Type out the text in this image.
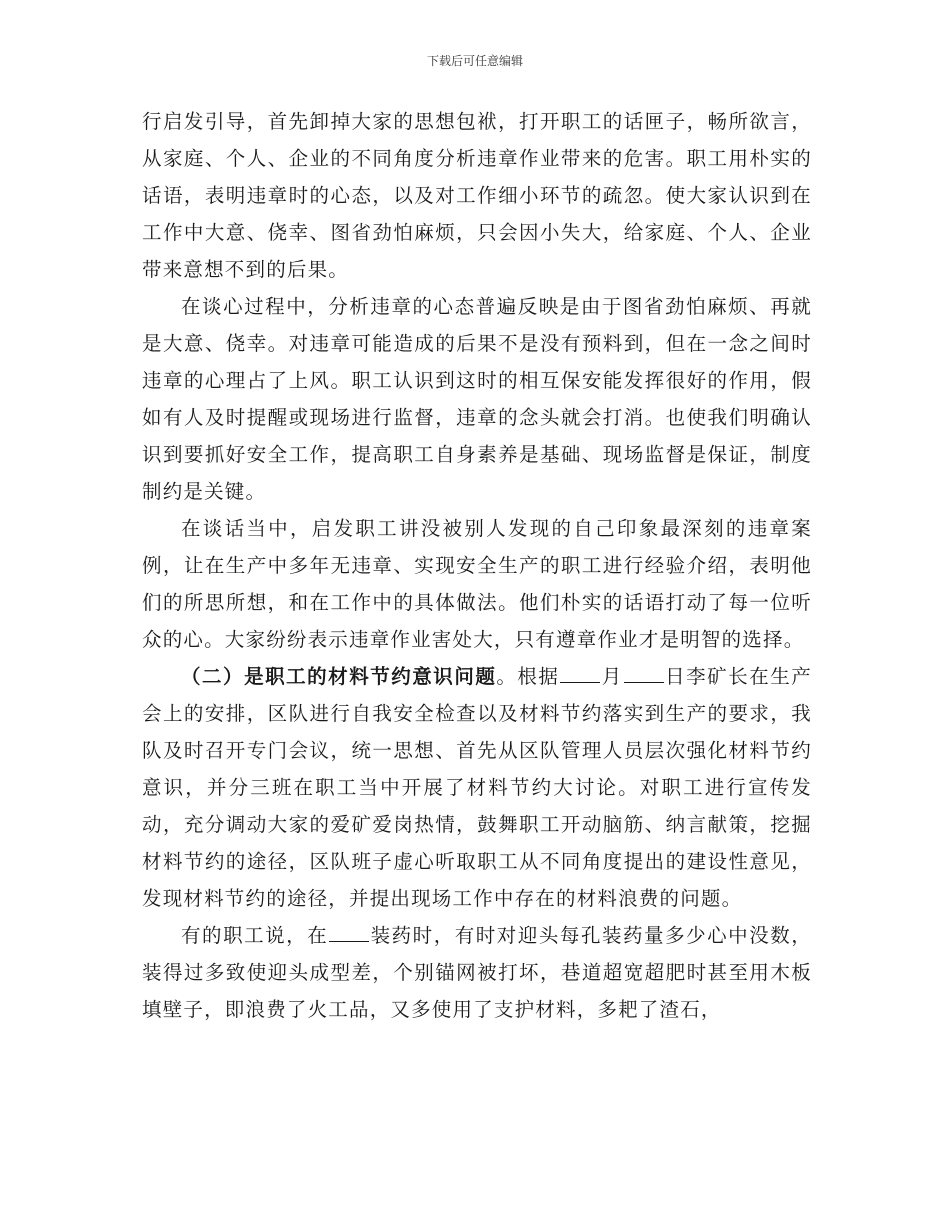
下载后可任意编辑

行启发引导，首先卸掉大家的思想包袱，打开职工的话匣子，畅所欲言，从家庭、个人、企业的不同角度分析违章作业带来的危害。职工用朴实的话语，表明违章时的心态，以及对工作细小环节的疏忽。使大家认识到在工作中大意、侥幸、图省劲怕麻烦，只会因小失大，给家庭、个人、企业带来意想不到的后果。

在谈心过程中，分析违章的心态普遍反映是由于图省劲怕麻烦、再就是大意、侥幸。对违章可能造成的后果不是没有预料到，但在一念之间时违章的心理占了上风。职工认识到这时的相互保安能发挥很好的作用，假如有人及时提醒或现场进行监督，违章的念头就会打消。也使我们明确认识到要抓好安全工作，提高职工自身素养是基础、现场监督是保证，制度制约是关键。

在谈话当中，启发职工讲没被别人发现的自己印象最深刻的违章案例，让在生产中多年无违章、实现安全生产的职工进行经验介绍，表明他们的所思所想，和在工作中的具体做法。他们朴实的话语打动了每一位听众的心。大家纷纷表示违章作业害处大，只有遵章作业才是明智的选择。

（二）是职工的材料节约意识问题。根据 月 日李矿长在生产会上的安排，区队进行自我安全检查以及材料节约落实到生产的要求，我队及时召开专门会议，统一思想、首先从区队管理人员层次强化材料节约意识，并分三班在职工当中开展了材料节约大讨论。对职工进行宣传发动，充分调动大家的爱矿爱岗热情，鼓舞职工开动脑筋、纳言献策，挖掘材料节约的途径，区队班子虚心听取职工从不同角度提出的建设性意见，发现材料节约的途径，并提出现场工作中存在的材料浪费的问题。

有的职工说，在 装药时，有时对迎头每孔装药量多少心中没数，装得过多致使迎头成型差，个别锚网被打坏，巷道超宽超肥时甚至用木板填壁子，即浪费了火工品，又多使用了支护材料，多耙了渣石，
